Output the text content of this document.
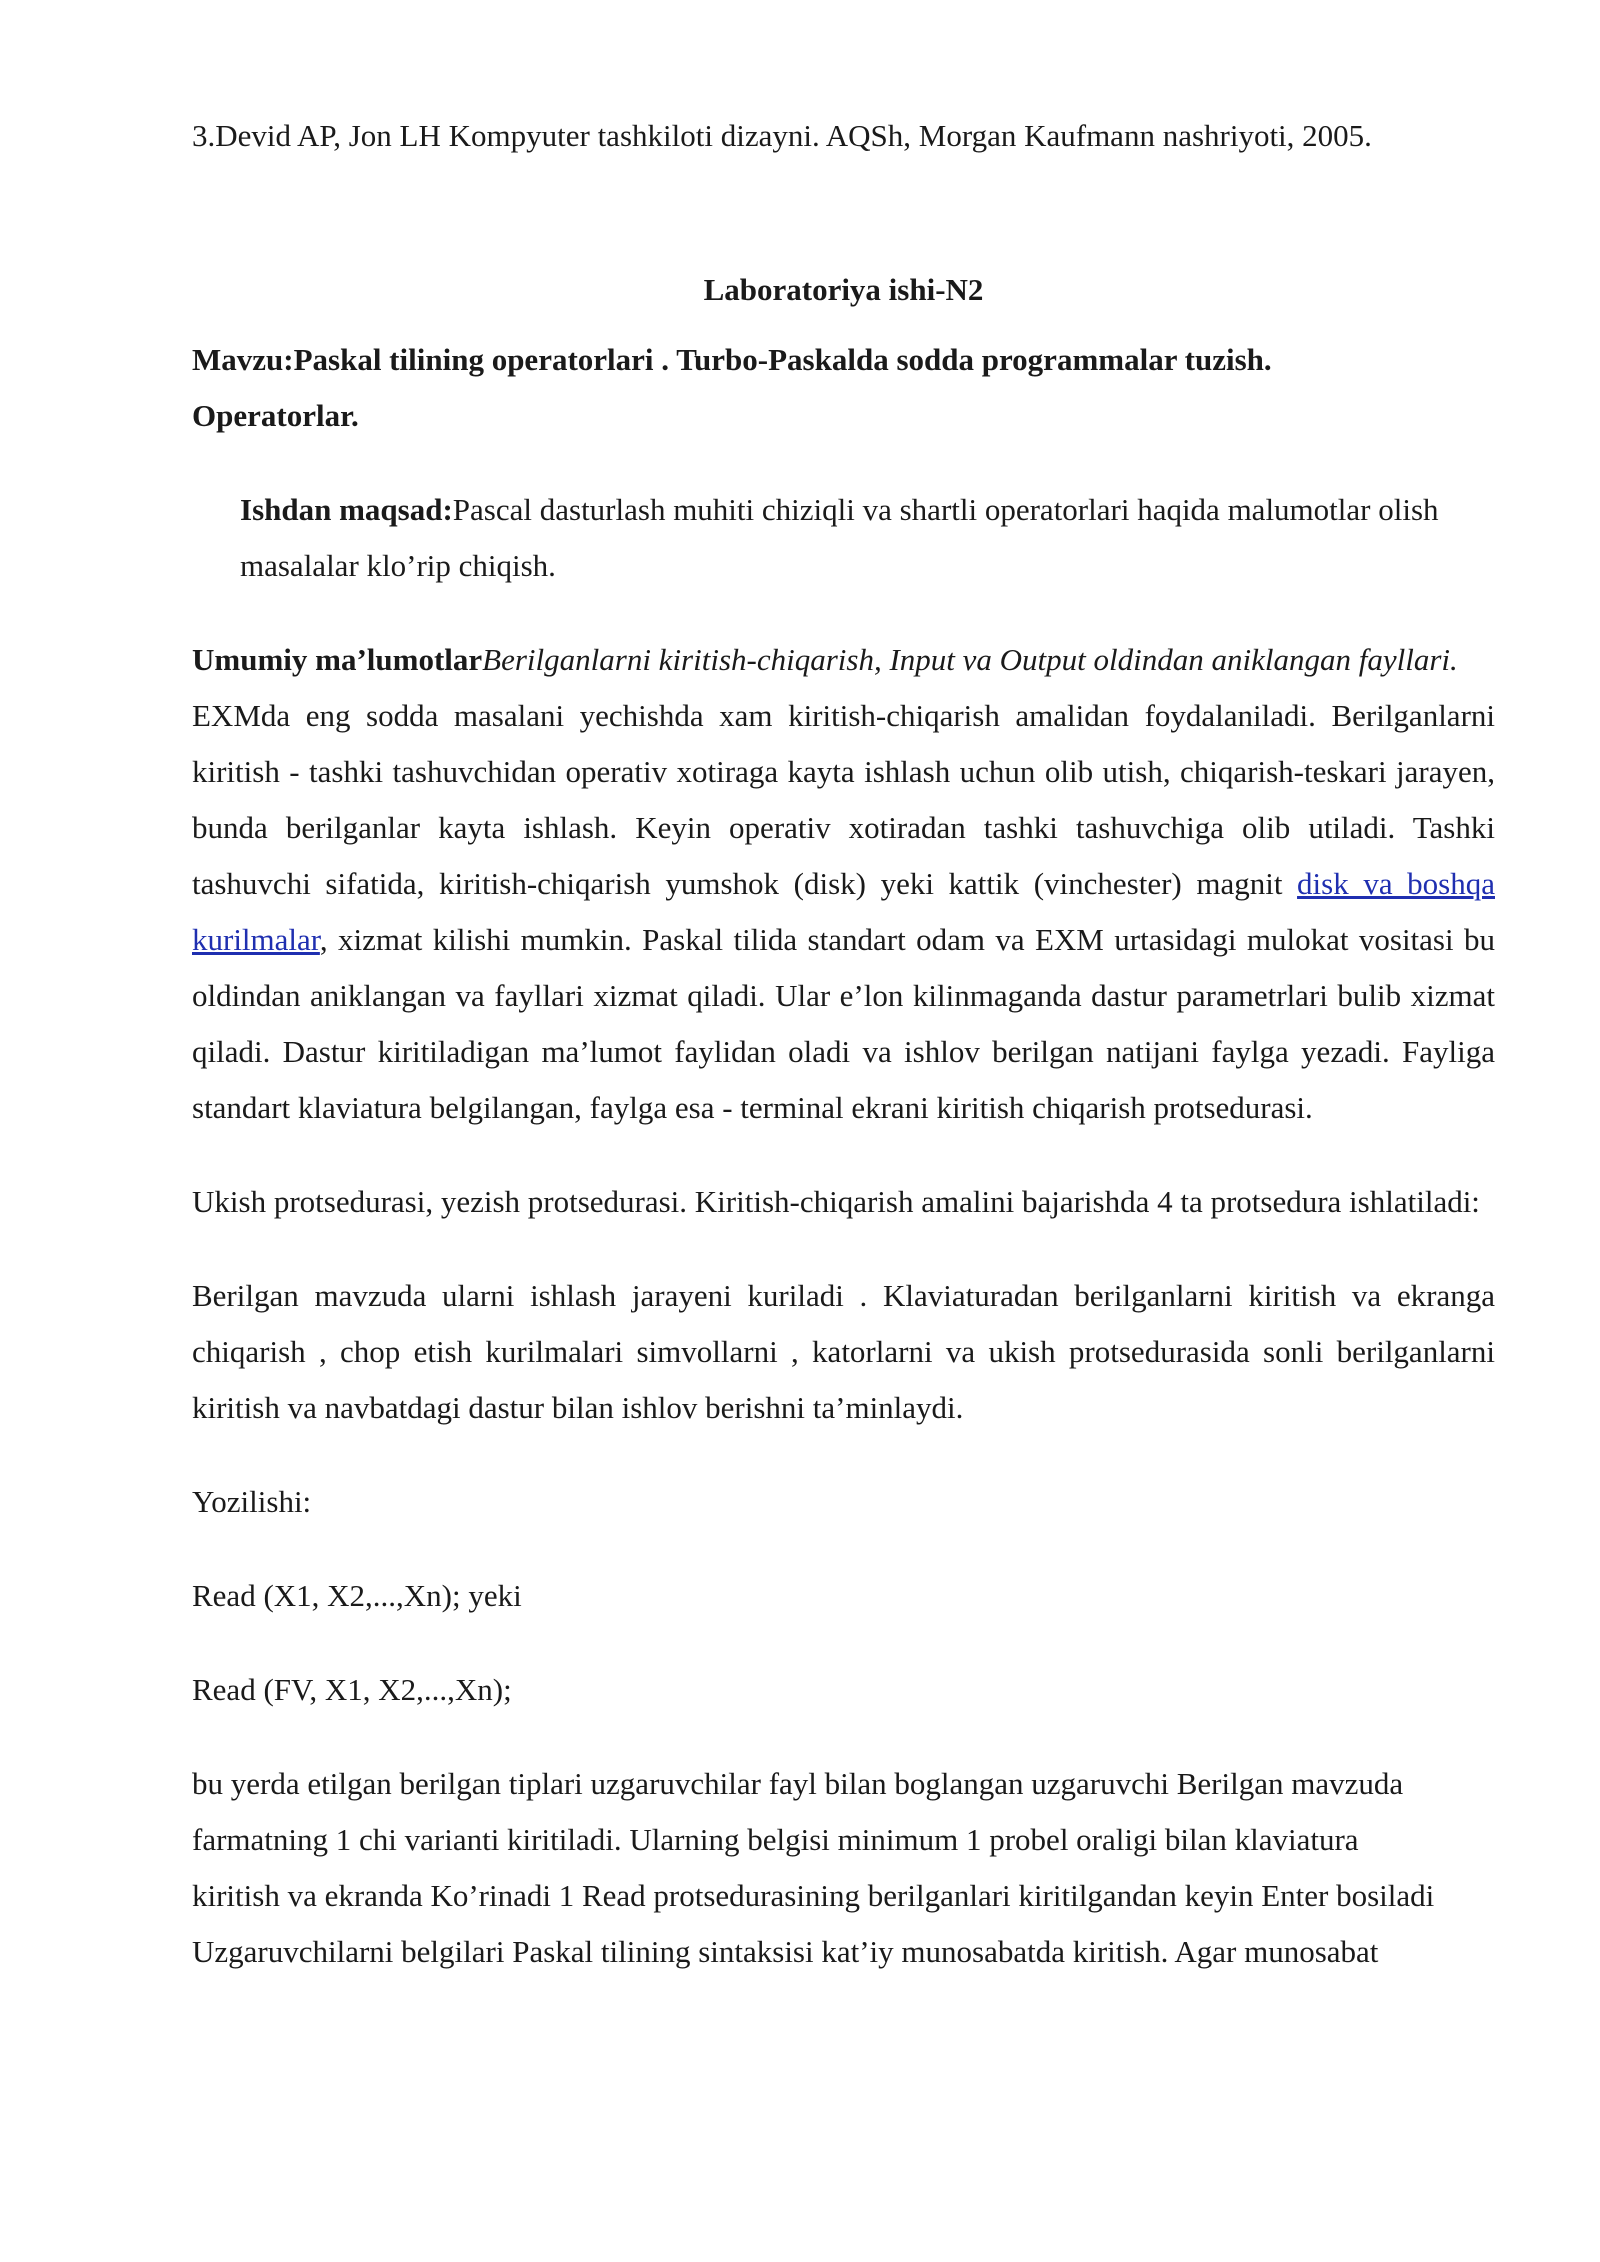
3.Devid AP, Jon LH Kompyuter tashkiloti dizayni. AQSh, Morgan Kaufmann nashriyoti, 2005.

Laboratoriya ishi-N2

Mavzu:Paskal tilining operatorlari . Turbo-Paskalda sodda programmalar tuzish.
Operatorlar.

Ishdan maqsad:Pascal dasturlash muhiti chiziqli va shartli operatorlari haqida malumotlar olish masalalar klo’rip chiqish.

Umumiy ma’lumotlarBerilganlarni kiritish-chiqarish, Input va Output oldindan aniklangan fayllari.

EXMda eng sodda masalani yechishda xam kiritish-chiqarish amalidan foydalaniladi. Berilganlarni kiritish - tashki tashuvchidan operativ xotiraga kayta ishlash uchun olib utish, chiqarish-teskari jarayen, bunda berilganlar kayta ishlash. Keyin operativ xotiradan tashki tashuvchiga olib utiladi. Tashki tashuvchi sifatida, kiritish-chiqarish yumshok (disk) yeki kattik (vinchester) magnit disk va boshqa kurilmalar, xizmat kilishi mumkin. Paskal tilida standart odam va EXM urtasidagi mulokat vositasi bu oldindan aniklangan va fayllari xizmat qiladi. Ular e’lon kilinmaganda dastur parametrlari bulib xizmat qiladi. Dastur kiritiladigan ma’lumot faylidan oladi va ishlov berilgan natijani faylga yezadi. Fayliga standart klaviatura belgilangan, faylga esa - terminal ekrani kiritish chiqarish protsedurasi.

Ukish protsedurasi, yezish protsedurasi. Kiritish-chiqarish amalini bajarishda 4 ta protsedura ishlatiladi:

Berilgan mavzuda ularni ishlash jarayeni kuriladi . Klaviaturadan berilganlarni kiritish va ekranga chiqarish , chop etish kurilmalari simvollarni , katorlarni va ukish protsedurasida sonli berilganlarni kiritish va navbatdagi dastur bilan ishlov berishni ta’minlaydi.

Yozilishi:

Read (X1, X2,...,Xn); yeki

Read (FV, X1, X2,...,Xn);

bu yerda etilgan berilgan tiplari uzgaruvchilar fayl bilan boglangan uzgaruvchi Berilgan mavzuda
farmatning 1 chi varianti kiritiladi. Ularning belgisi minimum 1 probel oraligi bilan klaviatura
kiritish va ekranda Ko’rinadi 1 Read protsedurasining berilganlari kiritilgandan keyin Enter bosiladi
Uzgaruvchilarni belgilari Paskal tilining sintaksisi kat’iy munosabatda kiritish. Agar munosabat
